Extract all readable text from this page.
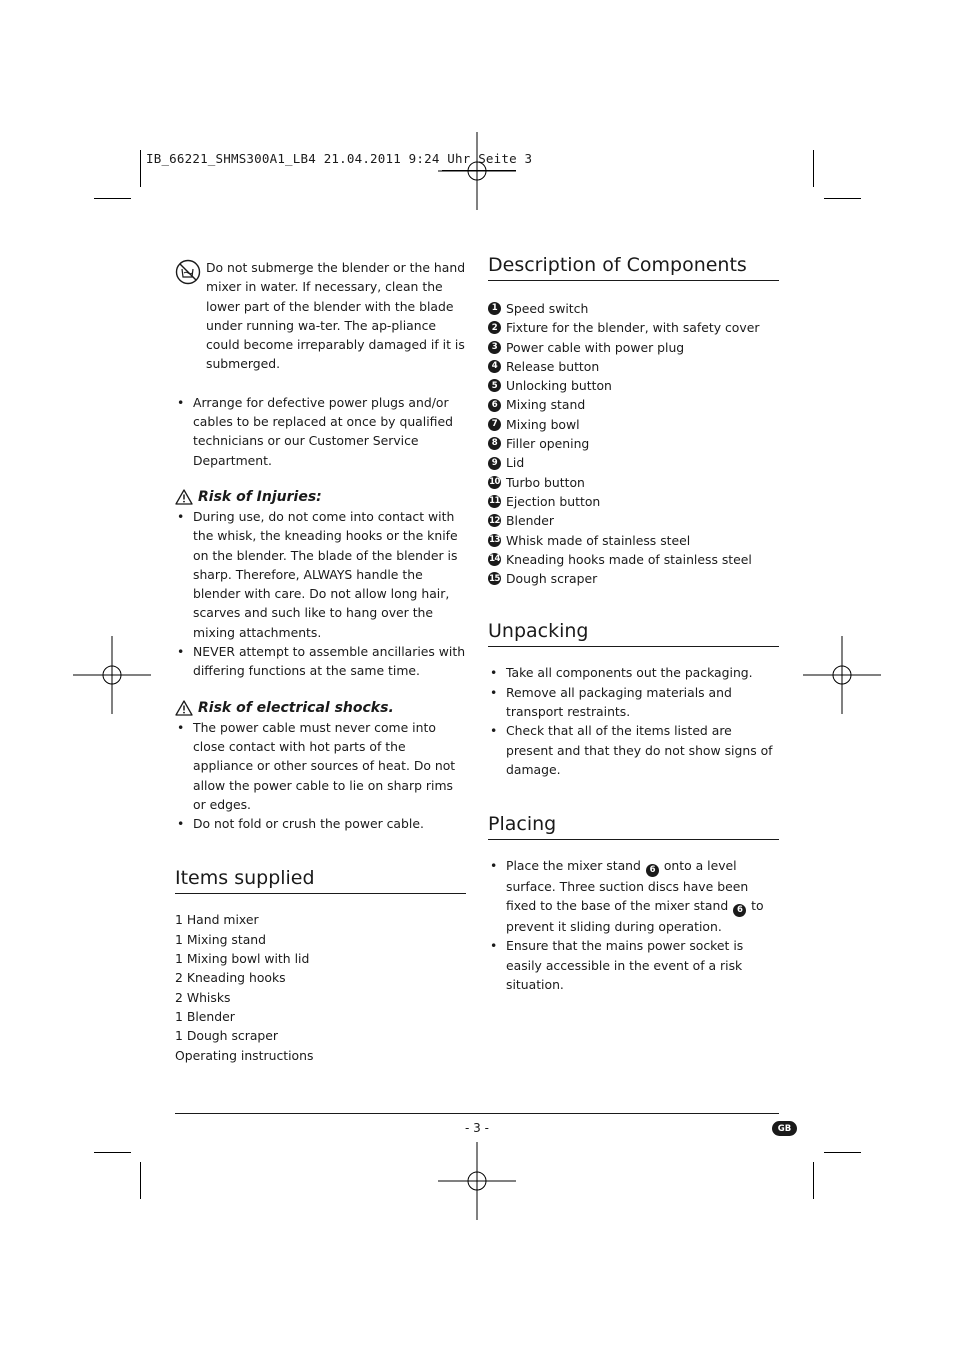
IB_66221_SHMS300A1_LB4 21.04.2011 9:24 Uhr Seite 3
Do not submerge the blender or the hand mixer in water. If necessary, clean the lower part of the blender with the blade under running wa-ter. The ap-pliance could become irreparably damaged if it is submerged.
• Arrange for defective power plugs and/or cables to be replaced at once by qualified technicians or our Customer Service Department.
Risk of Injuries:
• During use, do not come into contact with the whisk, the kneading hooks or the knife on the blender. The blade of the blender is sharp. Therefore, ALWAYS handle the blender with care. Do not allow long hair, scarves and such like to hang over the mixing attachments.
• NEVER attempt to assemble ancillaries with differing functions at the same time.
Risk of electrical shocks.
• The power cable must never come into close contact with hot parts of the appliance or other sources of heat. Do not allow the power cable to lie on sharp rims or edges.
• Do not fold or crush the power cable.
Items supplied
1 Hand mixer
1 Mixing stand
1 Mixing bowl with lid
2 Kneading hooks
2 Whisks
1 Blender
1 Dough scraper
Operating instructions
Description of Components
1 Speed switch
2 Fixture for the blender, with safety cover
3 Power cable with power plug
4 Release button
5 Unlocking button
6 Mixing stand
7 Mixing bowl
8 Filler opening
9 Lid
10 Turbo button
11 Ejection button
12 Blender
13 Whisk made of stainless steel
14 Kneading hooks made of stainless steel
15 Dough scraper
Unpacking
• Take all components out the packaging.
• Remove all packaging materials and transport restraints.
• Check that all of the items listed are present and that they do not show signs of damage.
Placing
• Place the mixer stand 6 onto a level surface. Three suction discs have been fixed to the base of the mixer stand 6 to prevent it sliding during operation.
• Ensure that the mains power socket is easily accessible in the event of a risk situation.
- 3 -	GB
